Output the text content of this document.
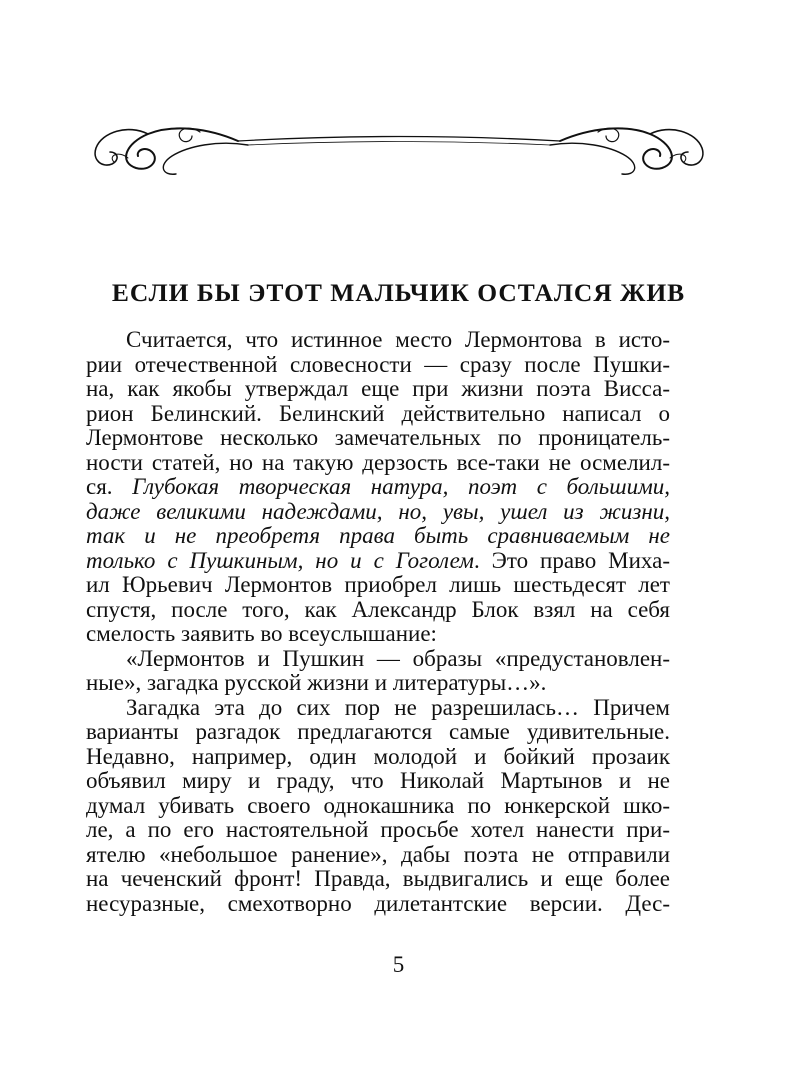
ЕСЛИ БЫ ЭТОТ МАЛЬЧИК ОСТАЛСЯ ЖИВ
Считается, что истинное место Лермонтова в исто-
рии отечественной словесности — сразу после Пушки-
на, как якобы утверждал еще при жизни поэта Висса-
рион Белинский. Белинский действительно написал о
Лермонтове несколько замечательных по проницатель-
ности статей, но на такую дерзость все-таки не осмелил-
ся. Глубокая творческая натура, поэт с большими,
даже великими надеждами, но, увы, ушел из жизни,
так и не преобретя права быть сравниваемым не
только с Пушкиным, но и с Гоголем. Это право Миха-
ил Юрьевич Лермонтов приобрел лишь шестьдесят лет
спустя, после того, как Александр Блок взял на себя
смелость заявить во всеуслышание:
«Лермонтов и Пушкин — образы «предустановлен-
ные», загадка русской жизни и литературы…».
Загадка эта до сих пор не разрешилась… Причем
варианты разгадок предлагаются самые удивительные.
Недавно, например, один молодой и бойкий прозаик
объявил миру и граду, что Николай Мартынов и не
думал убивать своего однокашника по юнкерской шко-
ле, а по его настоятельной просьбе хотел нанести при-
ятелю «небольшое ранение», дабы поэта не отправили
на чеченский фронт! Правда, выдвигались и еще более
несуразные, смехотворно дилетантские версии. Дес-
5
